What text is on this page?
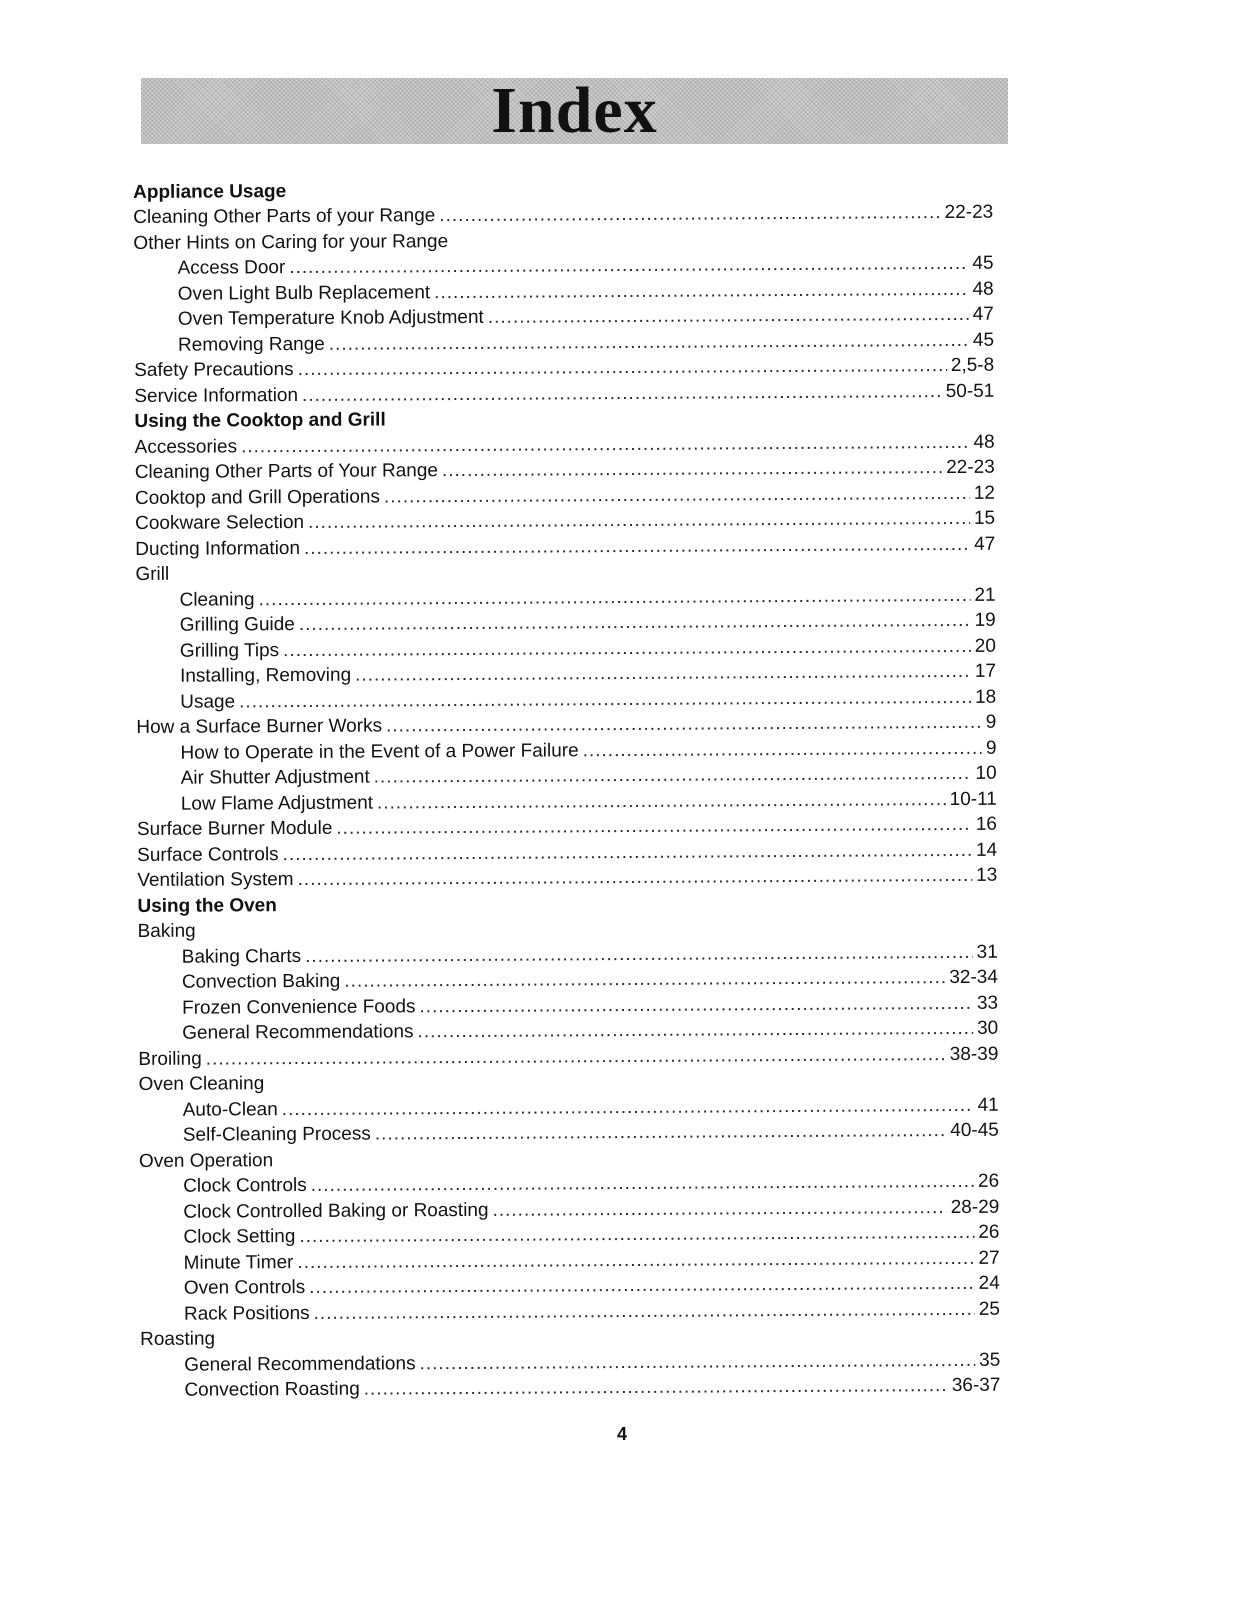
Index
Appliance Usage
Cleaning Other Parts of your Range .....	22-23
Other Hints on Caring for your Range
Access Door .....	45
Oven Light Bulb Replacement .....	48
Oven Temperature Knob Adjustment .....	47
Removing Range .....	45
Safety Precautions .....	2,5-8
Service Information .....	50-51
Using the Cooktop and Grill
Accessories .....	48
Cleaning Other Parts of Your Range .....	22-23
Cooktop and Grill Operations .....	12
Cookware Selection .....	15
Ducting Information .....	47
Grill
Cleaning .....	21
Grilling Guide .....	19
Grilling Tips .....	20
Installing, Removing .....	17
Usage .....	18
How a Surface Burner Works .....	9
How to Operate in the Event of a Power Failure .....	9
Air Shutter Adjustment .....	10
Low Flame Adjustment .....	10-11
Surface Burner Module .....	16
Surface Controls .....	14
Ventilation System .....	13
Using the Oven
Baking
Baking Charts .....	31
Convection Baking .....	32-34
Frozen Convenience Foods .....	33
General Recommendations .....	30
Broiling .....	38-39
Oven Cleaning
Auto-Clean .....	41
Self-Cleaning Process .....	40-45
Oven Operation
Clock Controls .....	26
Clock Controlled Baking or Roasting .....	28-29
Clock Setting .....	26
Minute Timer .....	27
Oven Controls .....	24
Rack Positions .....	25
Roasting
General Recommendations .....	35
Convection Roasting .....	36-37
4
